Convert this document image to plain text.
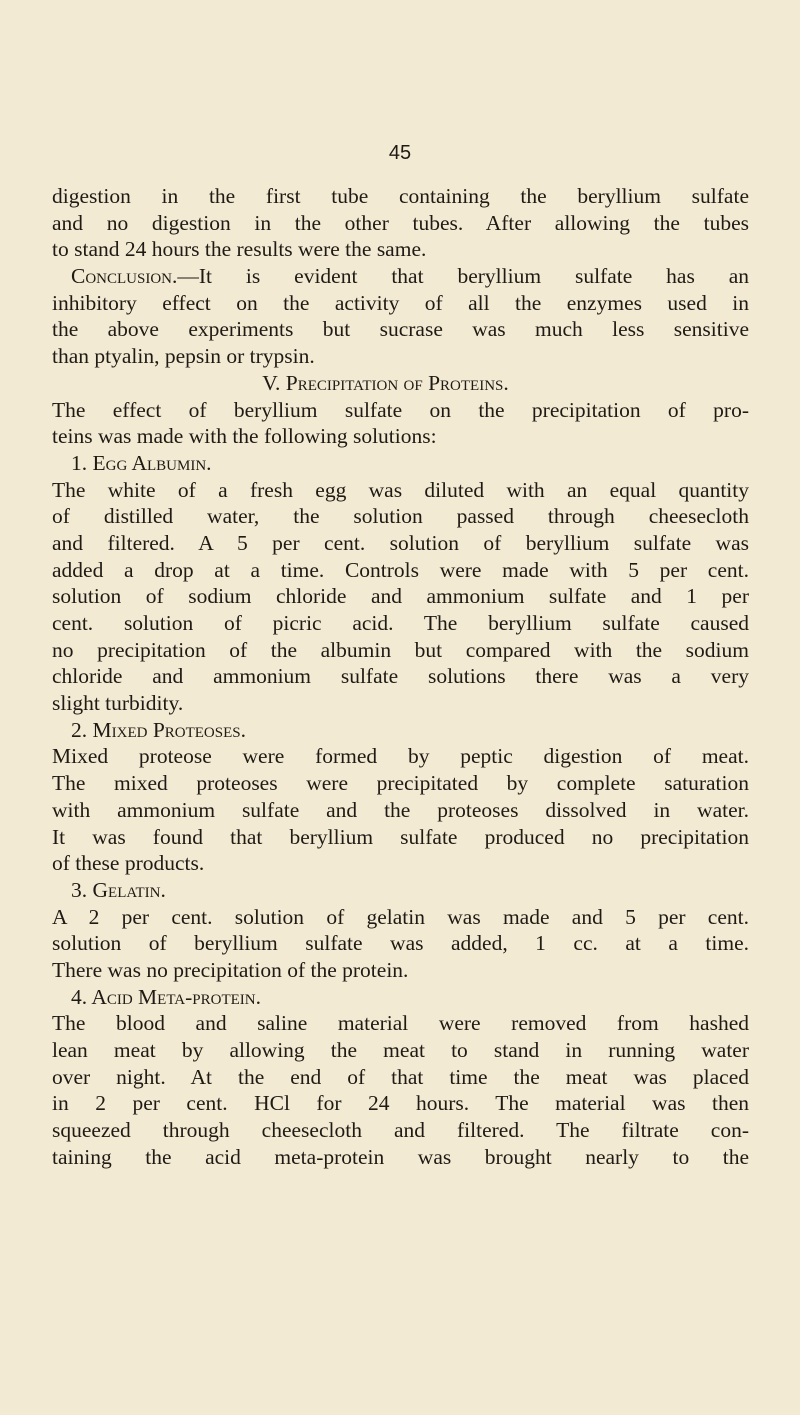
45
digestion in the first tube containing the beryllium sulfate
and no digestion in the other tubes. After allowing the tubes
to stand 24 hours the results were the same.
Conclusion.—It is evident that beryllium sulfate has an
inhibitory effect on the activity of all the enzymes used in
the above experiments but sucrase was much less sensitive
than ptyalin, pepsin or trypsin.
V. Precipitation of Proteins.
The effect of beryllium sulfate on the precipitation of pro-
teins was made with the following solutions:
1. Egg Albumin.
The white of a fresh egg was diluted with an equal quantity
of distilled water, the solution passed through cheesecloth
and filtered. A 5 per cent. solution of beryllium sulfate was
added a drop at a time. Controls were made with 5 per cent.
solution of sodium chloride and ammonium sulfate and 1 per
cent. solution of picric acid. The beryllium sulfate caused
no precipitation of the albumin but compared with the sodium
chloride and ammonium sulfate solutions there was a very
slight turbidity.
2. Mixed Proteoses.
Mixed proteose were formed by peptic digestion of meat.
The mixed proteoses were precipitated by complete saturation
with ammonium sulfate and the proteoses dissolved in water.
It was found that beryllium sulfate produced no precipitation
of these products.
3. Gelatin.
A 2 per cent. solution of gelatin was made and 5 per cent.
solution of beryllium sulfate was added, 1 cc. at a time.
There was no precipitation of the protein.
4. Acid Meta-protein.
The blood and saline material were removed from hashed
lean meat by allowing the meat to stand in running water
over night. At the end of that time the meat was placed
in 2 per cent. HCl for 24 hours. The material was then
squeezed through cheesecloth and filtered. The filtrate con-
taining the acid meta-protein was brought nearly to the
